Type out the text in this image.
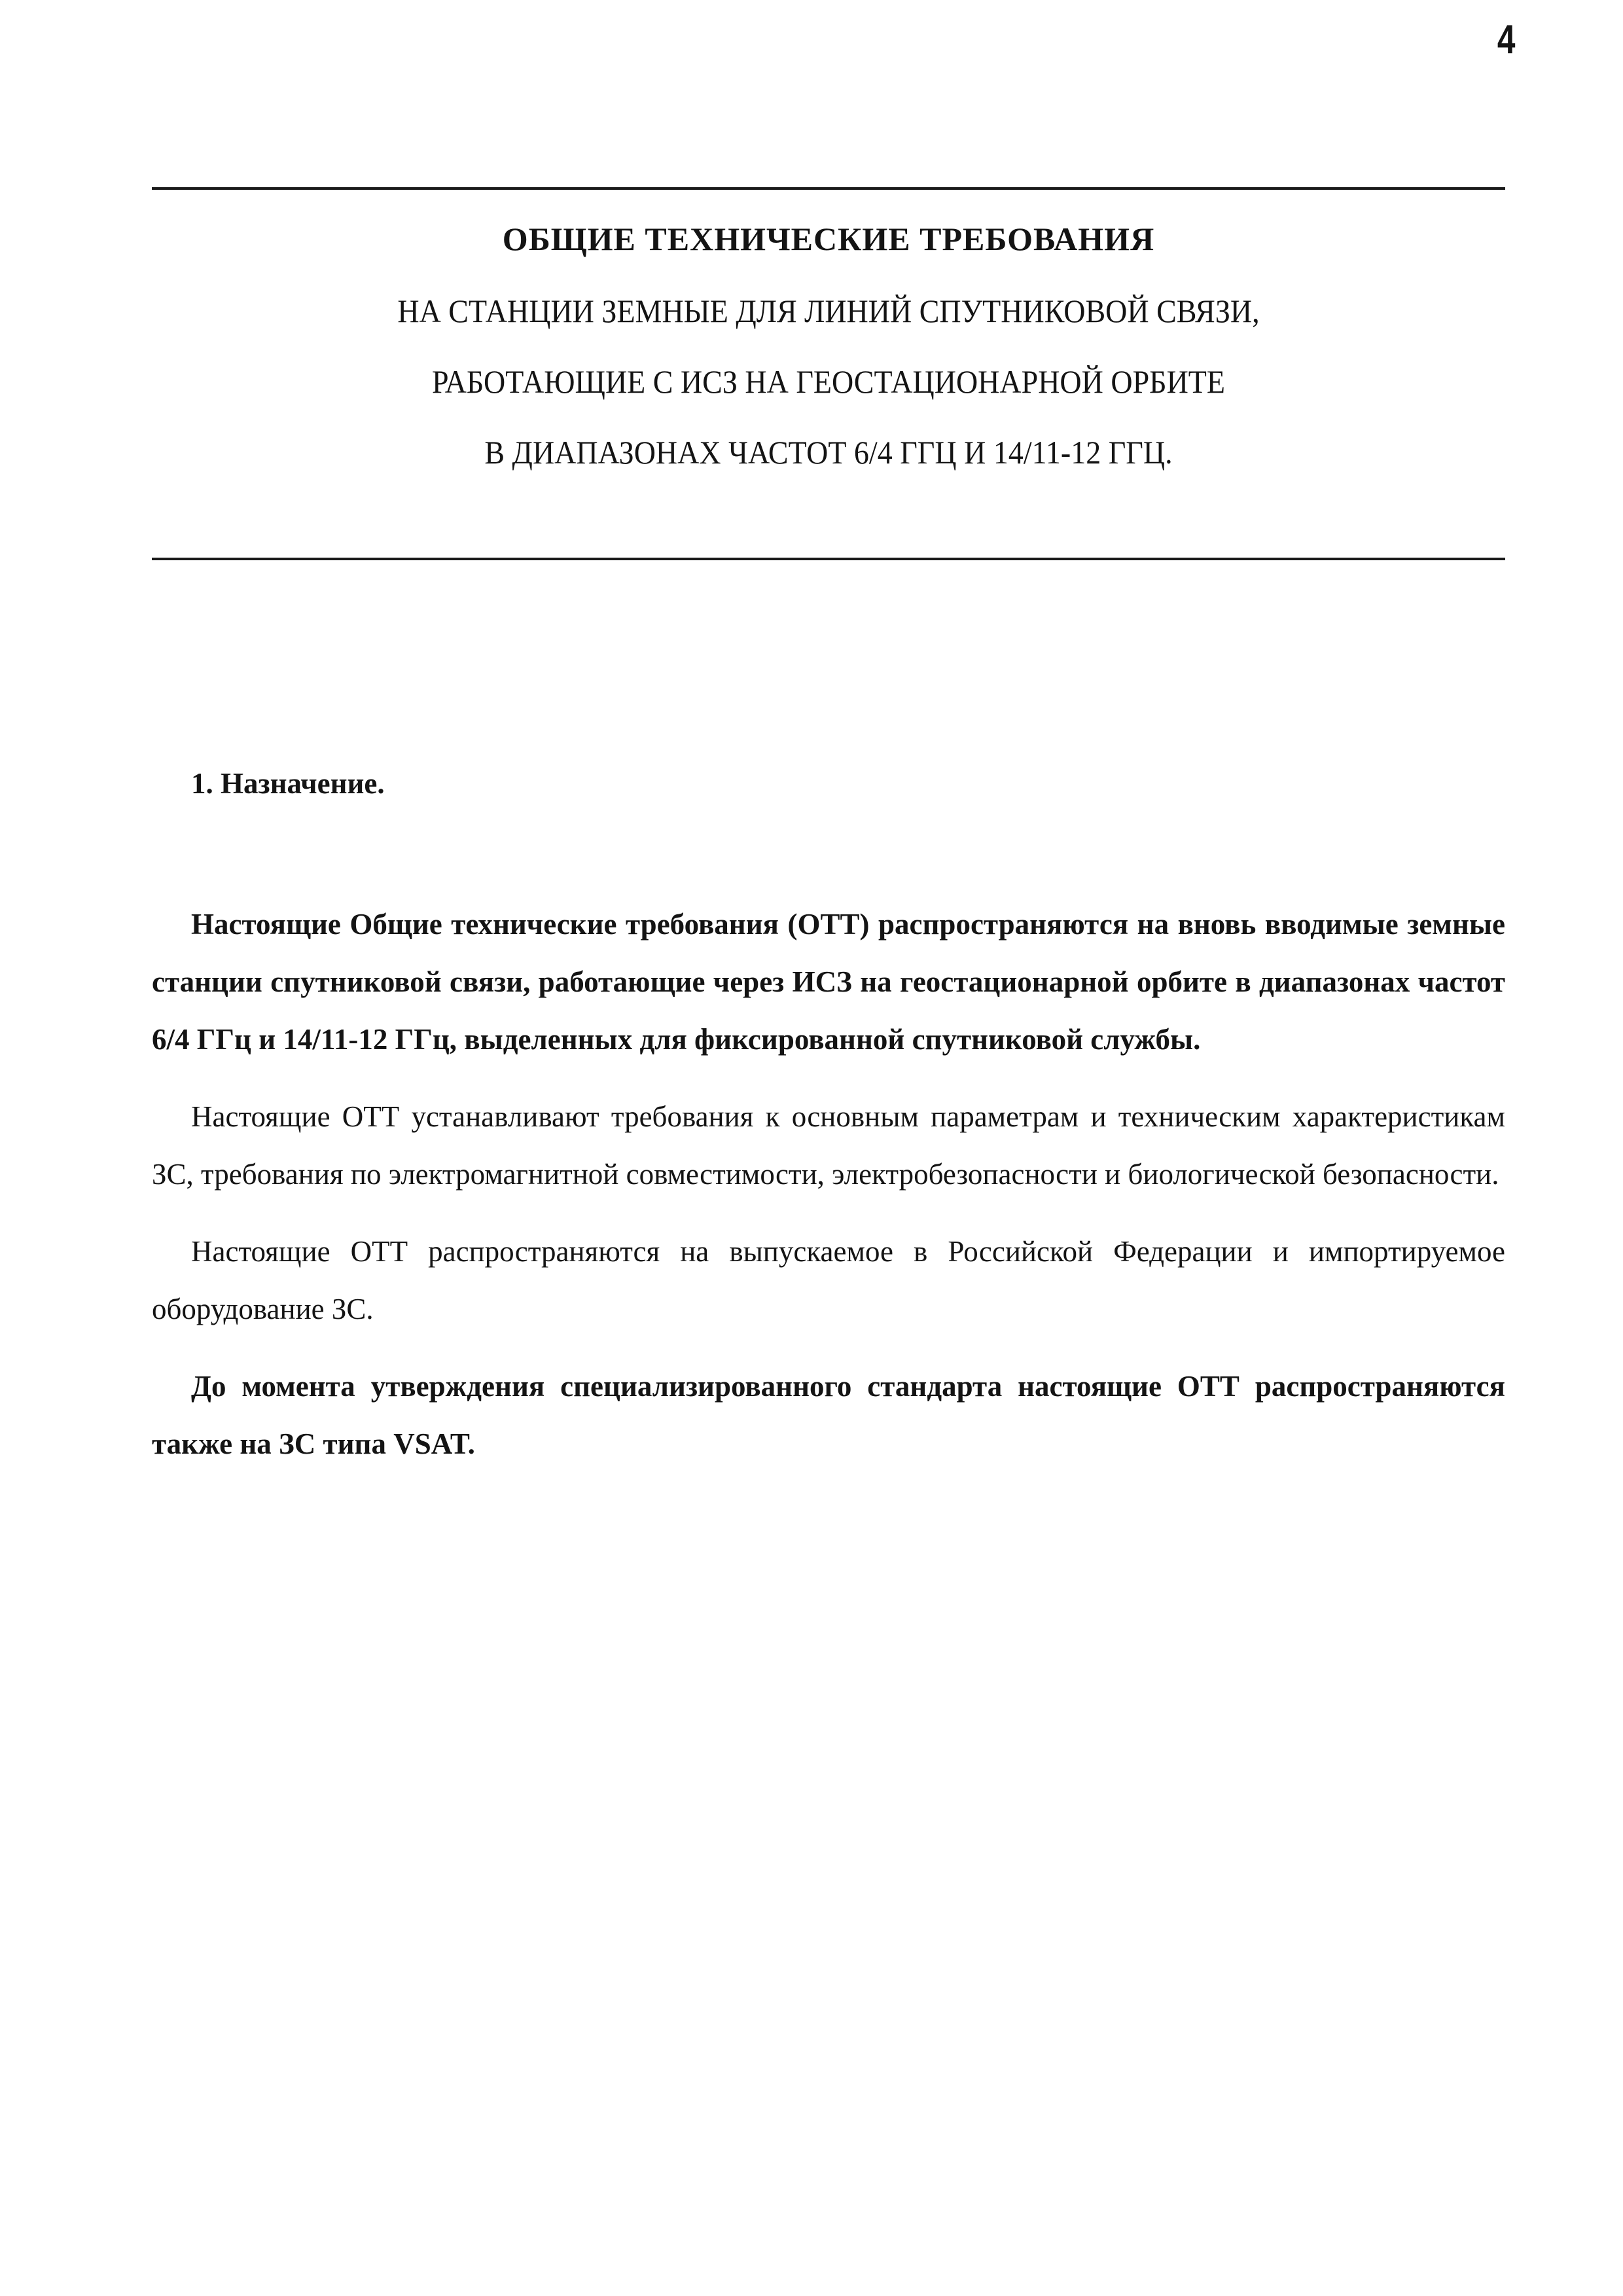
4
ОБЩИЕ ТЕХНИЧЕСКИЕ ТРЕБОВАНИЯ
НА СТАНЦИИ ЗЕМНЫЕ ДЛЯ ЛИНИЙ СПУТНИКОВОЙ СВЯЗИ,
РАБОТАЮЩИЕ С ИСЗ НА ГЕОСТАЦИОНАРНОЙ ОРБИТЕ
В ДИАПАЗОНАХ ЧАСТОТ 6/4 ГГЦ И 14/11-12 ГГЦ.
1. Назначение.

Настоящие Общие технические требования (ОТТ) распространяются на вновь вводимые земные станции спутниковой связи, работающие через ИСЗ на геостационарной орбите в диапазонах частот 6/4 ГГц и 14/11-12 ГГц, выделенных для фиксированной спутниковой службы.

Настоящие ОТТ устанавливают требования к основным параметрам и техническим характеристикам ЗС, требования по электромагнитной совместимости, электробезопасности и биологической безопасности.

Настоящие ОТТ распространяются на выпускаемое в Российской Федерации и импортируемое оборудование ЗС.

До момента утверждения специализированного стандарта настоящие ОТТ распространяются также на ЗС типа VSAT.
